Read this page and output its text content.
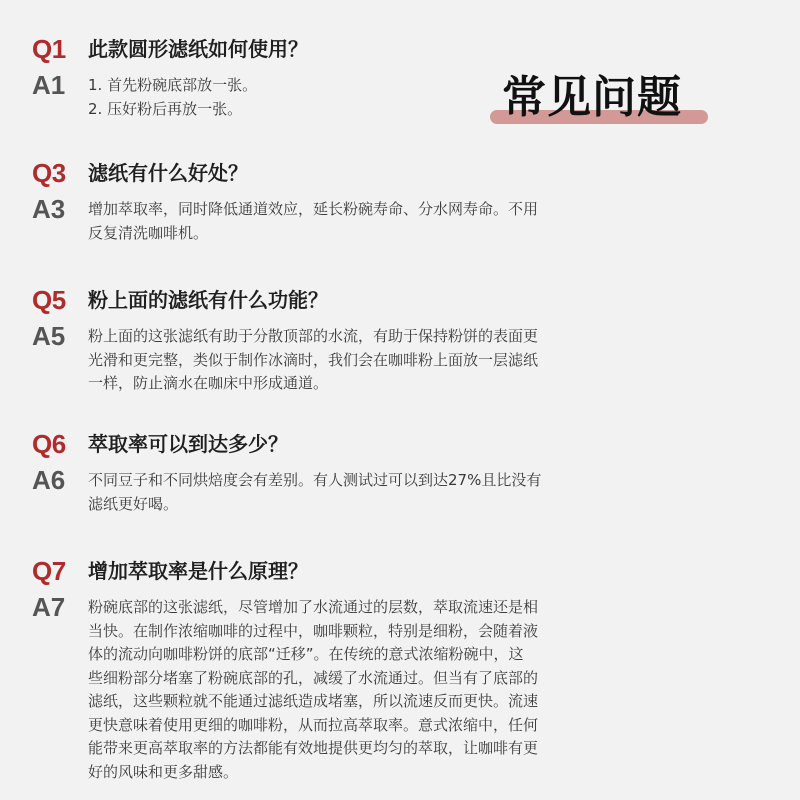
常见问题
Q1 此款圆形滤纸如何使用？
A1 1. 首先粉碗底部放一张。
2. 压好粉后再放一张。
Q3 滤纸有什么好处？
A3 增加萃取率，同时降低通道效应，延长粉碗寿命、分水网寿命。不用
反复清洗咖啡机。
Q5 粉上面的滤纸有什么功能？
A5 粉上面的这张滤纸有助于分散顶部的水流，有助于保持粉饼的表面更
光滑和更完整，类似于制作冰滴时，我们会在咖啡粉上面放一层滤纸
一样，防止滴水在咖床中形成通道。
Q6 萃取率可以到达多少？
A6 不同豆子和不同烘焙度会有差别。有人测试过可以到达27%且比没有
滤纸更好喝。
Q7 增加萃取率是什么原理？
A7 粉碗底部的这张滤纸，尽管增加了水流通过的层数，萃取流速还是相
当快。在制作浓缩咖啡的过程中，咖啡颗粒，特别是细粉，会随着液
体的流动向咖啡粉饼的底部“迁移”。在传统的意式浓缩粉碗中，这
些细粉部分堵塞了粉碗底部的孔，减缓了水流通过。但当有了底部的
滤纸，这些颗粒就不能通过滤纸造成堵塞，所以流速反而更快。流速
更快意味着使用更细的咖啡粉，从而拉高萃取率。意式浓缩中，任何
能带来更高萃取率的方法都能有效地提供更均匀的萃取，让咖啡有更
好的风味和更多甜感。
